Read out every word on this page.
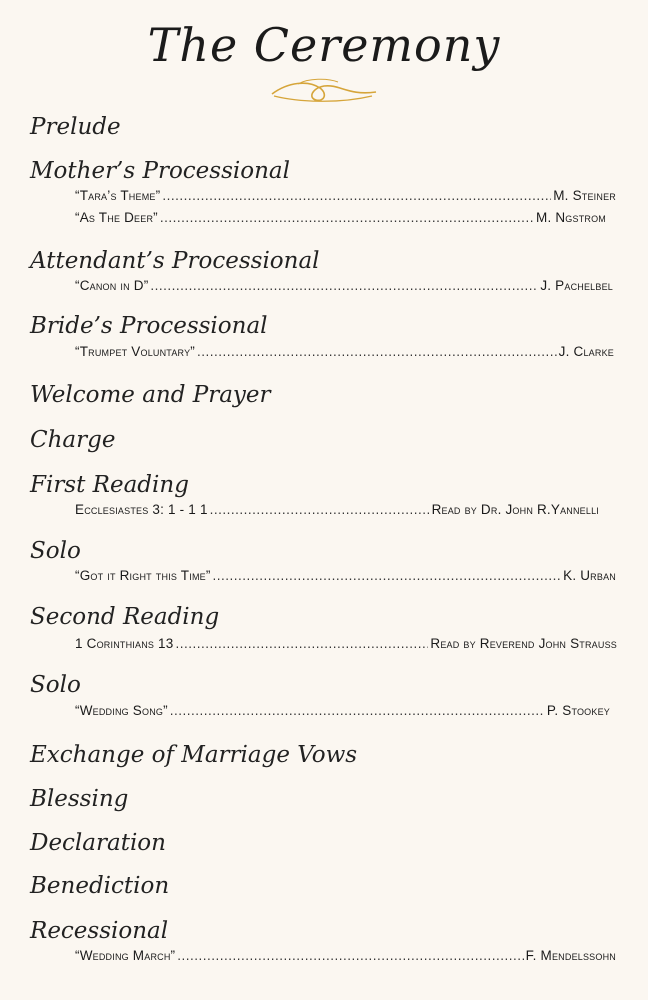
The Ceremony
Prelude
Mother’s Processional
“Tara’s Theme” .....	M. Steiner
“As The Deer” .....	M. Ngstrom
Attendant’s Processional
“Canon in D” .....	J. Pachelbel
Bride’s Processional
“Trumpet Voluntary” .....	J. Clarke
Welcome and Prayer
Charge
First Reading
Ecclesiastes 3: 1 - 1 1 .....	Read by Dr. John R.Yannelli
Solo
“Got it Right this Time” .....	K. Urban
Second Reading
1 Corinthians 13 .....	Read by Reverend John Strauss
Solo
“Wedding Song” .....	P. Stookey
Exchange of Marriage Vows
Blessing
Declaration
Benediction
Recessional
“Wedding March” .....	F. Mendelssohn
